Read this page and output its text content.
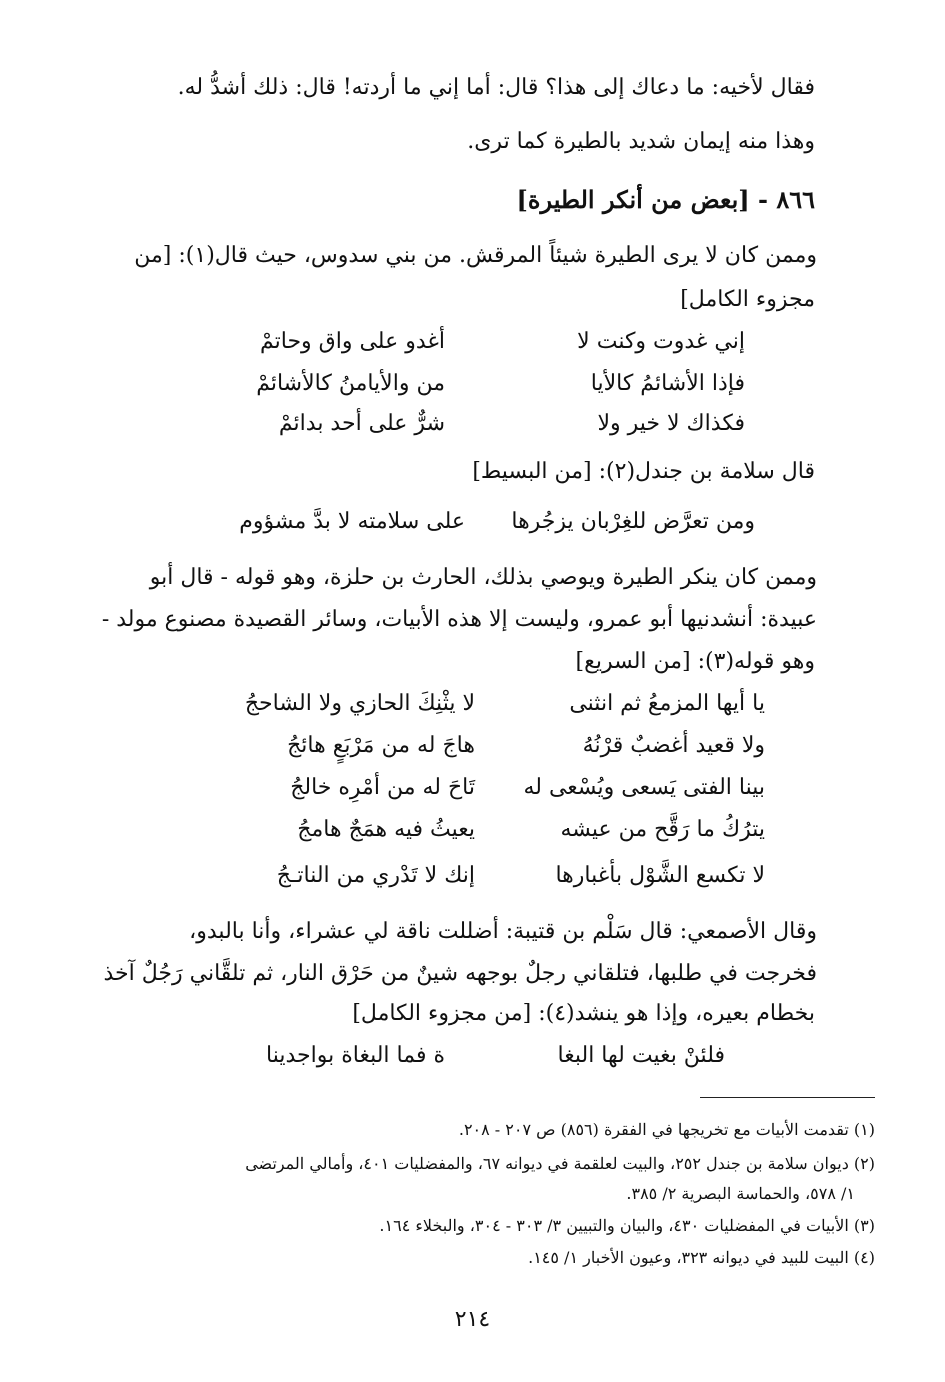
فقال لأخيه: ما دعاك إلى هذا؟ قال: أما إني ما أردته! قال: ذلك أشدُّ له.
وهذا منه إيمان شديد بالطيرة كما ترى.
٨٦٦ - [بعض من أنكر الطيرة]
وممن كان لا يرى الطيرة شيئاً المرقش. من بني سدوس، حيث قال(١): [من
مجزوء الكامل]
إني غدوت وكنت لا
أغدو على واق وحاتمْ
فإذا الأشائمُ كالأيا
من والأيامنُ كالأشائمْ
فكذاك لا خير ولا
شرٌّ على أحد بدائمْ
قال سلامة بن جندل(٢): [من البسيط]
ومن تعرَّض للغِرْبان يزجُرها
على سلامته لا بدَّ مشؤوم
وممن كان ينكر الطيرة ويوصي بذلك، الحارث بن حلزة، وهو قوله - قال أبو
عبيدة: أنشدنيها أبو عمرو، وليست إلا هذه الأبيات، وسائر القصيدة مصنوع مولد -
وهو قوله(٣): [من السريع]
يا أيها المزمعُ ثم انثنى
لا يثْنِكَ الحازي ولا الشاحجُ
ولا قعيد أغضبٌ قرْنُهُ
هاجَ له من مَرْبَعٍ هائجُ
بينا الفتى يَسعى ويُسْعى له
تَاحَ له من أمْرِه خالجُ
يترُكُ ما رَقَّح من عيشه
يعيثُ فيه همَجٌ هامجُ
لا تكسع الشَّوْل بأغبارها
إنك لا تَدْري من الناتـجُ
وقال الأصمعي: قال سَلْم بن قتيبة: أضللت ناقة لي عشراء، وأنا بالبدو،
فخرجت في طلبها، فتلقاني رجلٌ بوجهه شينٌ من حَرْق النار، ثم تلقَّاني رَجُلٌ آخذ
بخطام بعيره، وإذا هو ينشد(٤): [من مجزوء الكامل]
فلئنْ بغيت لها البغا
ة فما البغاة بواجدينا
(١) تقدمت الأبيات مع تخريجها في الفقرة (٨٥٦) ص ٢٠٧ - ٢٠٨.
(٢) ديوان سلامة بن جندل ٢٥٢، والبيت لعلقمة في ديوانه ٦٧، والمفضليات ٤٠١، وأمالي المرتضى
١/ ٥٧٨، والحماسة البصرية ٢/ ٣٨٥.
(٣) الأبيات في المفضليات ٤٣٠، والبيان والتبيين ٣/ ٣٠٣ - ٣٠٤، والبخلاء ١٦٤.
(٤) البيت للبيد في ديوانه ٣٢٣، وعيون الأخبار ١/ ١٤٥.
٢١٤
